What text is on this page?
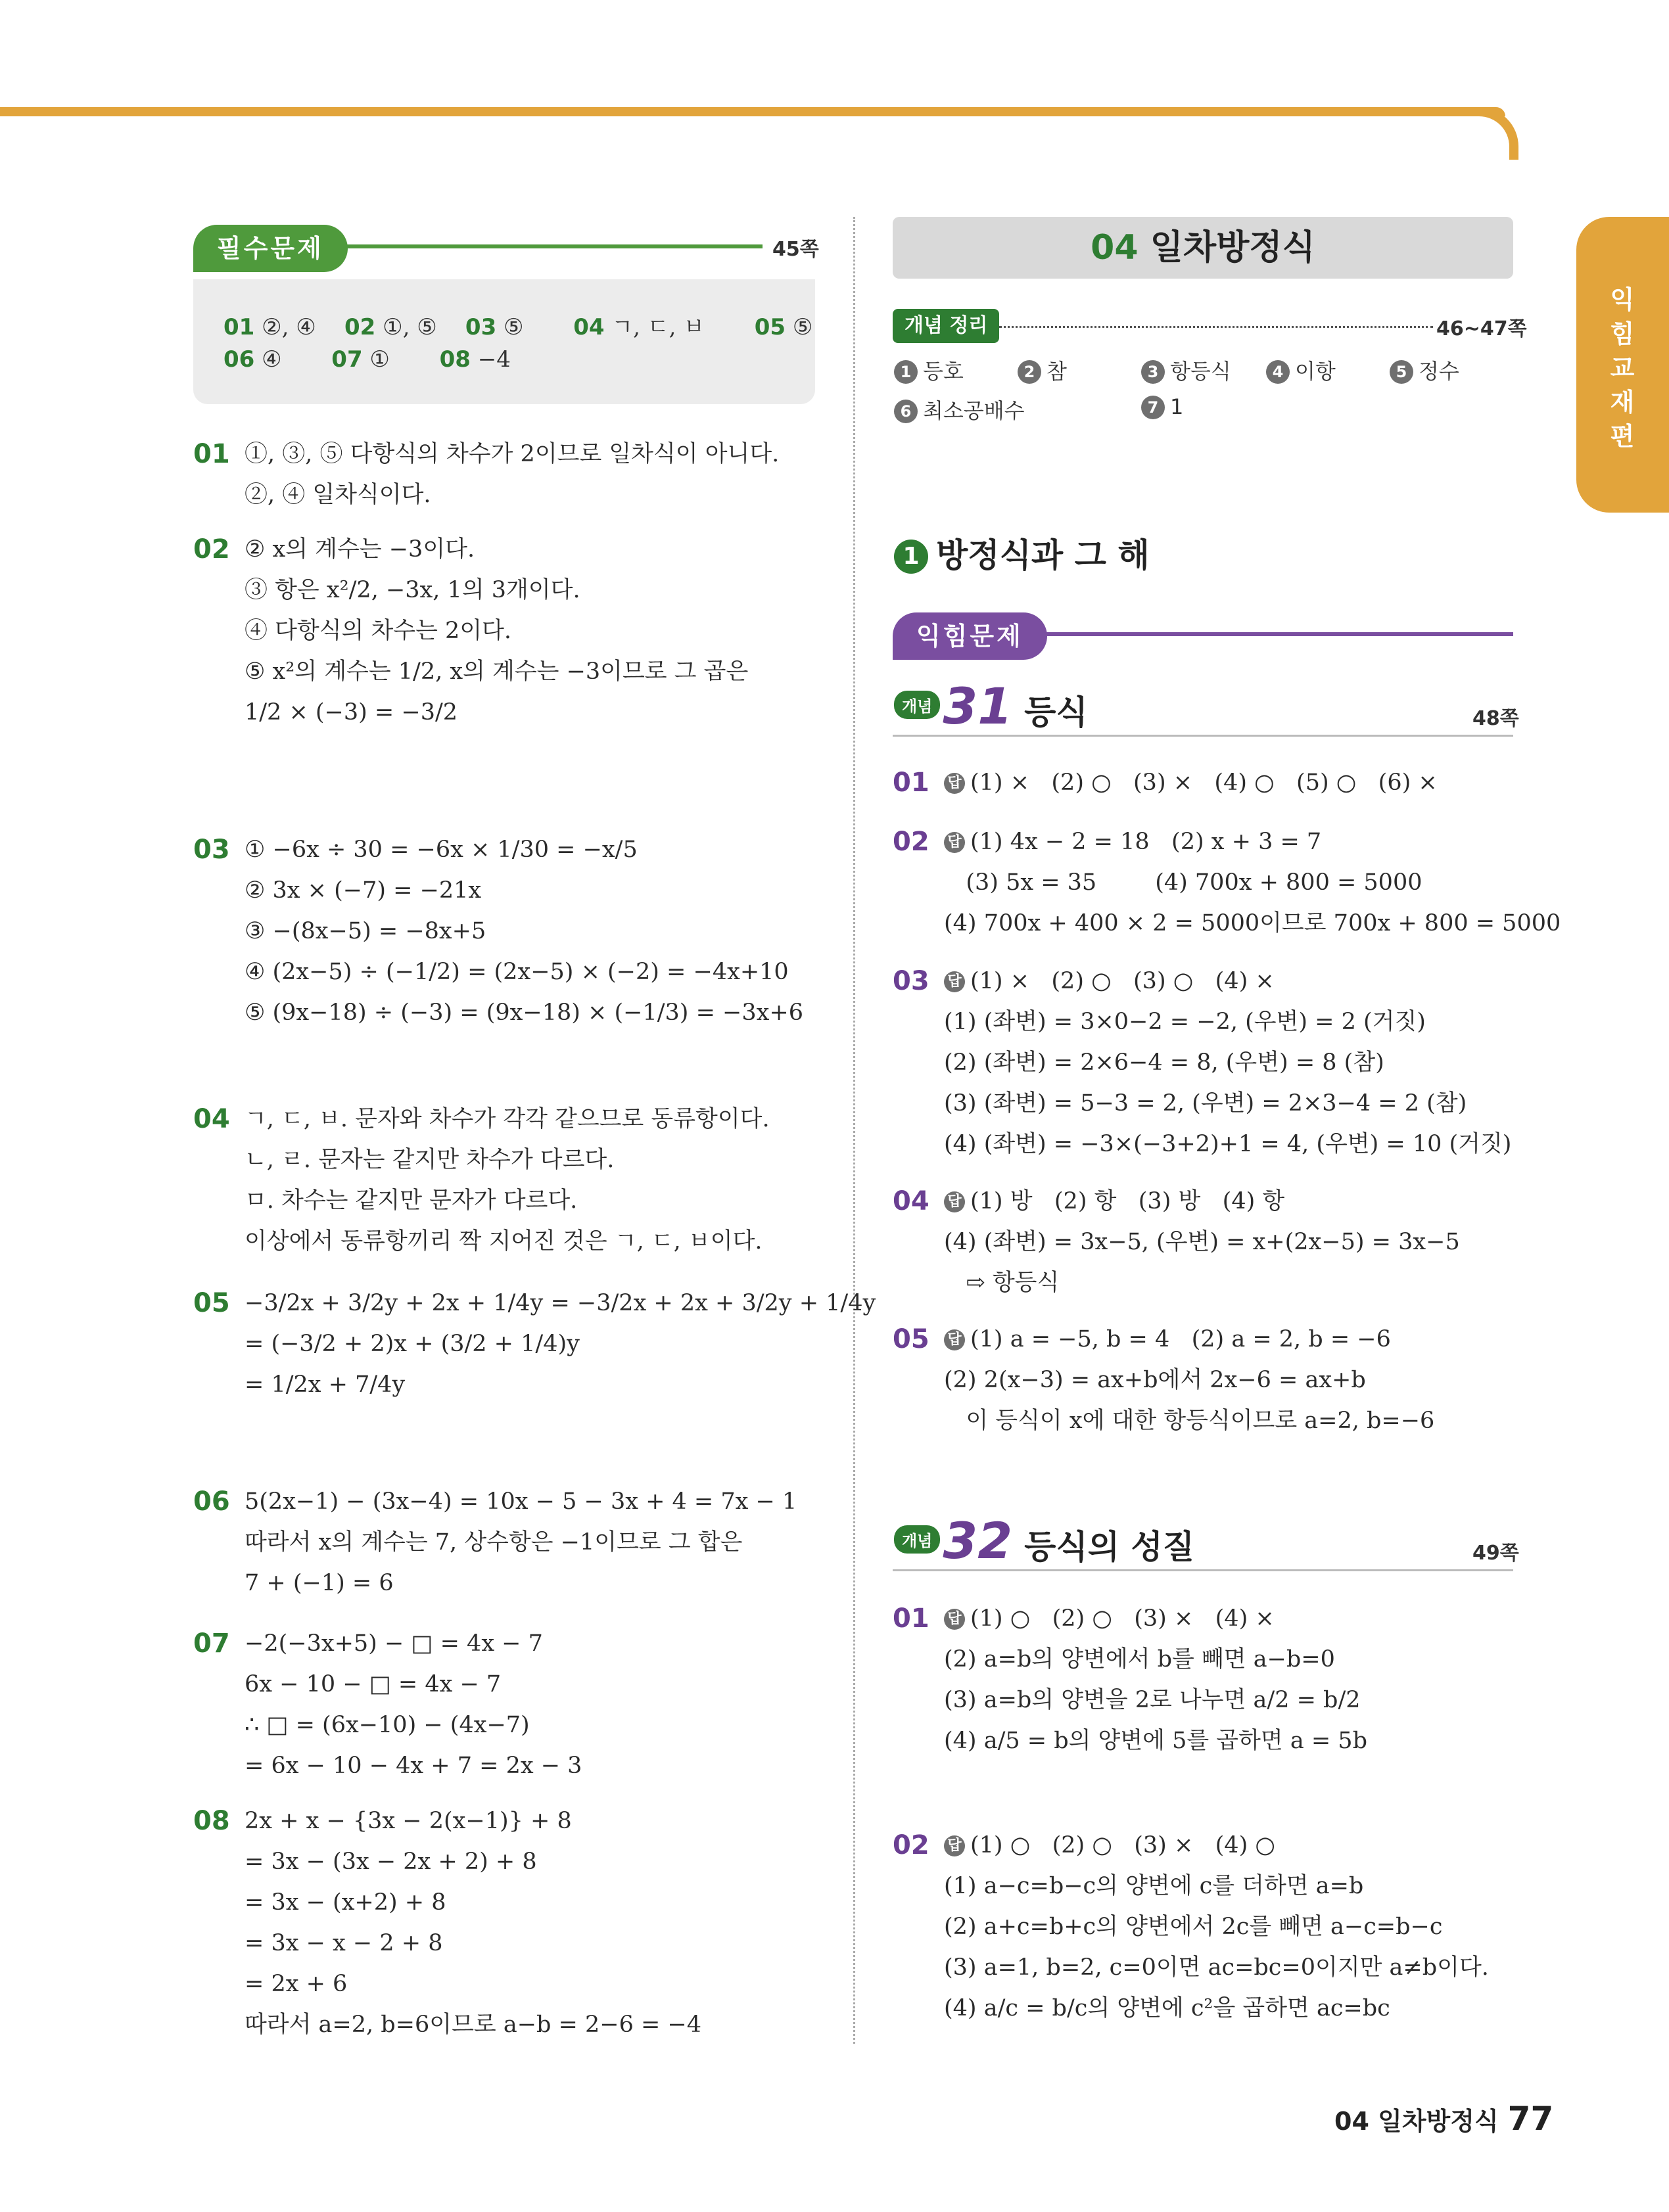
익힘교재편
필수문제	45쪽
01 ②, ④ 02 ①, ⑤ 03 ⑤ 04 ㄱ, ㄷ, ㅂ 05 ⑤
06 ④ 07 ① 08 −4
01 ①, ③, ⑤ 다항식의 차수가 2이므로 일차식이 아니다.
②, ④ 일차식이다.
02 ② x의 계수는 −3이다.
③ 항은 x²/2, −3x, 1의 3개이다.
④ 다항식의 차수는 2이다.
⑤ x²의 계수는 1/2, x의 계수는 −3이므로 그 곱은
1/2 × (−3) = −3/2
03 ① −6x ÷ 30 = −6x × 1/30 = −x/5
② 3x × (−7) = −21x
③ −(8x−5) = −8x+5
④ (2x−5) ÷ (−1/2) = (2x−5) × (−2) = −4x+10
⑤ (9x−18) ÷ (−3) = (9x−18) × (−1/3) = −3x+6
04 ㄱ, ㄷ, ㅂ. 문자와 차수가 각각 같으므로 동류항이다.
ㄴ, ㄹ. 문자는 같지만 차수가 다르다.
ㅁ. 차수는 같지만 문자가 다르다.
이상에서 동류항끼리 짝 지어진 것은 ㄱ, ㄷ, ㅂ이다.
05 −3/2x + 3/2y + 2x + 1/4y = −3/2x + 2x + 3/2y + 1/4y
= (−3/2 + 2)x + (3/2 + 1/4)y
= 1/2x + 7/4y
06 5(2x−1) − (3x−4) = 10x − 5 − 3x + 4 = 7x − 1
따라서 x의 계수는 7, 상수항은 −1이므로 그 합은
7 + (−1) = 6
07 −2(−3x+5) − □ = 4x − 7
6x − 10 − □ = 4x − 7
∴ □ = (6x−10) − (4x−7)
= 6x − 10 − 4x + 7 = 2x − 3
08 2x + x − {3x − 2(x−1)} + 8
= 3x − (3x − 2x + 2) + 8
= 3x − (x+2) + 8
= 3x − x − 2 + 8
= 2x + 6
따라서 a=2, b=6이므로 a−b = 2−6 = −4
04 일차방정식
개념 정리	46~47쪽
1 등호	2 참	3 항등식	4 이항	5 정수
6 최소공배수	7 1
1 방정식과 그 해
익힘문제
개념 31 등식	48쪽
개념 32 등식의 성질	49쪽
01 답 (1) ×   (2) ○   (3) ×   (4) ○   (5) ○   (6) ×
02 답 (1) 4x − 2 = 18   (2) x + 3 = 7
(3) 5x = 35        (4) 700x + 800 = 5000
(4) 700x + 400 × 2 = 5000이므로 700x + 800 = 5000
03 답 (1) ×   (2) ○   (3) ○   (4) ×
(1) (좌변) = 3×0−2 = −2, (우변) = 2 (거짓)
(2) (좌변) = 2×6−4 = 8, (우변) = 8 (참)
(3) (좌변) = 5−3 = 2, (우변) = 2×3−4 = 2 (참)
(4) (좌변) = −3×(−3+2)+1 = 4, (우변) = 10 (거짓)
04 답 (1) 방   (2) 항   (3) 방   (4) 항
(4) (좌변) = 3x−5, (우변) = x+(2x−5) = 3x−5
⇨ 항등식
05 답 (1) a = −5, b = 4   (2) a = 2, b = −6
(2) 2(x−3) = ax+b에서 2x−6 = ax+b
이 등식이 x에 대한 항등식이므로 a=2, b=−6
04 일차방정식 77
01 답 (1) ○   (2) ○   (3) ×   (4) ×
(2) a=b의 양변에서 b를 빼면 a−b=0
(3) a=b의 양변을 2로 나누면 a/2 = b/2
(4) a/5 = b의 양변에 5를 곱하면 a = 5b
02 답 (1) ○   (2) ○   (3) ×   (4) ○
(1) a−c=b−c의 양변에 c를 더하면 a=b
(2) a+c=b+c의 양변에서 2c를 빼면 a−c=b−c
(3) a=1, b=2, c=0이면 ac=bc=0이지만 a≠b이다.
(4) a/c = b/c의 양변에 c²을 곱하면 ac=bc
